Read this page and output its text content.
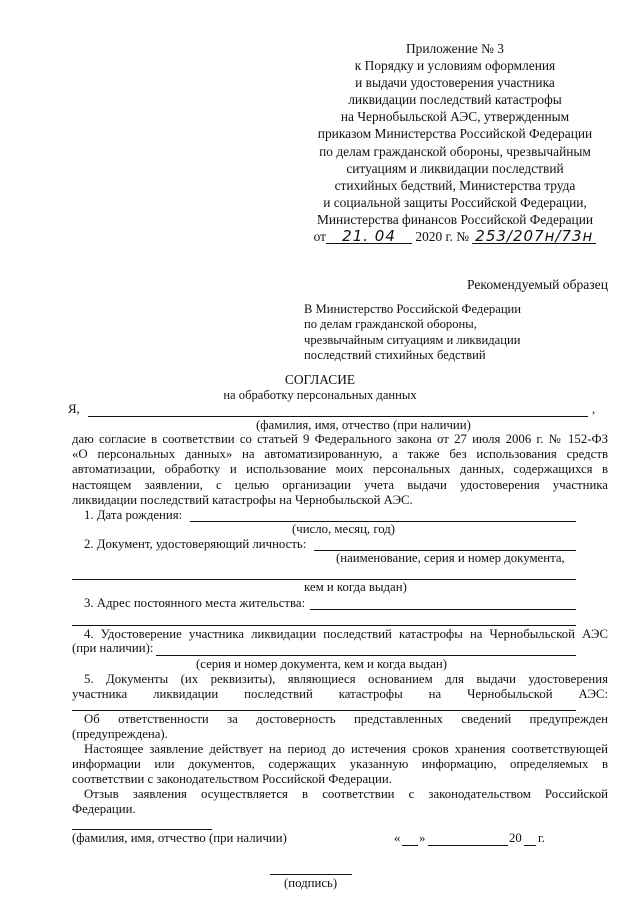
Приложение № 3
к Порядку и условиям оформления
и выдачи удостоверения участника
ликвидации последствий катастрофы
на Чернобыльской АЭС, утвержденным
приказом Министерства Российской Федерации
по делам гражданской обороны, чрезвычайным
ситуациям и ликвидации последствий
стихийных бедствий, Министерства труда
и социальной защиты Российской Федерации,
Министерства финансов Российской Федерации
от 21. 04 2020 г. № 253/207н/73н
Рекомендуемый образец
В Министерство Российской Федерации
по делам гражданской обороны,
чрезвычайным ситуациям и ликвидации
последствий стихийных бедствий
СОГЛАСИЕ
на обработку персональных данных
Я,	,
(фамилия, имя, отчество (при наличии)
даю согласие в соответствии со статьей 9 Федерального закона от 27 июля 2006 г. № 152-ФЗ
«О персональных данных» на автоматизированную, а также без использования средств
автоматизации, обработку и использование моих персональных данных, содержащихся в
настоящем заявлении, с целью организации учета выдачи удостоверения участника
ликвидации последствий катастрофы на Чернобыльской АЭС.
1. Дата рождения:
(число, месяц, год)
2. Документ, удостоверяющий личность:
(наименование, серия и номер документа,
кем и когда выдан)
3. Адрес постоянного места жительства:
4. Удостоверение участника ликвидации последствий катастрофы на Чернобыльской АЭС
(при наличии):
(серия и номер документа, кем и когда выдан)
5. Документы (их реквизиты), являющиеся основанием для выдачи удостоверения
участника ликвидации последствий катастрофы на Чернобыльской АЭС:
Об ответственности за достоверность представленных сведений предупрежден
(предупреждена).
Настоящее заявление действует на период до истечения сроков хранения соответствующей
информации или документов, содержащих указанную информацию, определяемых в
соответствии с законодательством Российской Федерации.
Отзыв заявления осуществляется в соответствии с законодательством Российской
Федерации.
(фамилия, имя, отчество (при наличии)	« »	20 г.
(подпись)
